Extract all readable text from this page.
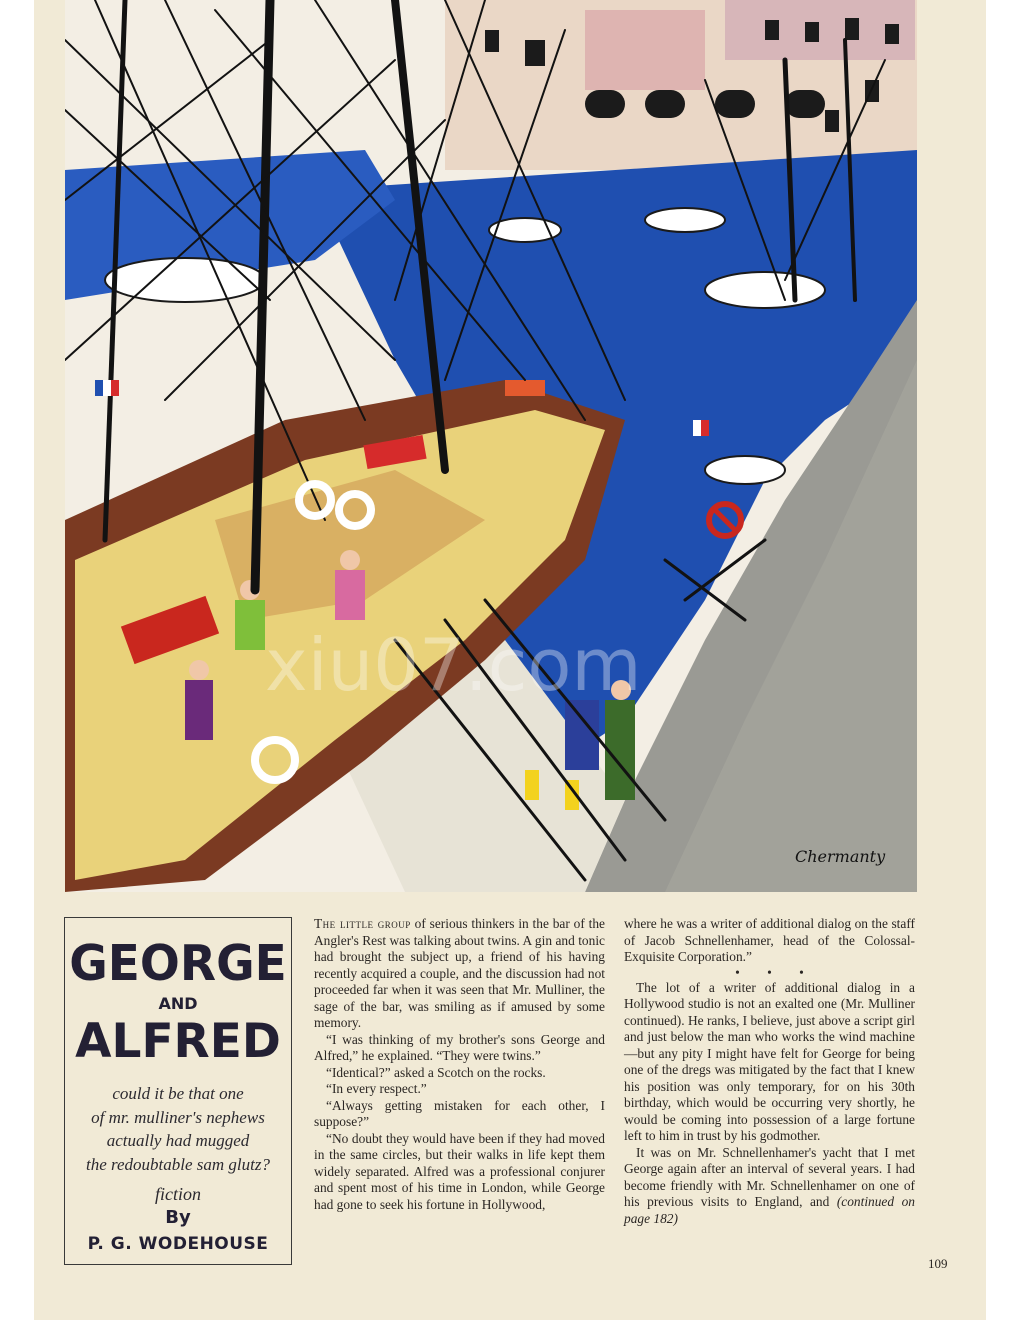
xiu07.com
Chermanty
GEORGE
AND
ALFRED
could it be that one
of mr. mulliner's nephews
actually had mugged
the redoubtable sam glutz?
fiction
By
P. G. WODEHOUSE

The little group of serious thinkers in the bar of the Angler's Rest was talking about twins. A gin and tonic had brought the subject up, a friend of his having recently acquired a couple, and the discussion had not proceeded far when it was seen that Mr. Mulliner, the sage of the bar, was smiling as if amused by some memory.

“I was thinking of my brother's sons George and Alfred,” he explained. “They were twins.”

“Identical?” asked a Scotch on the rocks.

“In every respect.”

“Always getting mistaken for each other, I suppose?”

“No doubt they would have been if they had moved in the same circles, but their walks in life kept them widely separated. Alfred was a professional conjurer and spent most of his time in London, while George had gone to seek his fortune in Hollywood,

where he was a writer of additional dialog on the staff of Jacob Schnellenhamer, head of the Colossal-Exquisite Corporation.”

• • •

The lot of a writer of additional dialog in a Hollywood studio is not an exalted one (Mr. Mulliner continued). He ranks, I believe, just above a script girl and just below the man who works the wind machine—but any pity I might have felt for George for being one of the dregs was mitigated by the fact that I knew his position was only temporary, for on his 30th birthday, which would be occurring very shortly, he would be coming into possession of a large fortune left to him in trust by his godmother.

It was on Mr. Schnellenhamer's yacht that I met George again after an interval of several years. I had become friendly with Mr. Schnellenhamer on one of his previous visits to England, and (continued on page 182)

109
